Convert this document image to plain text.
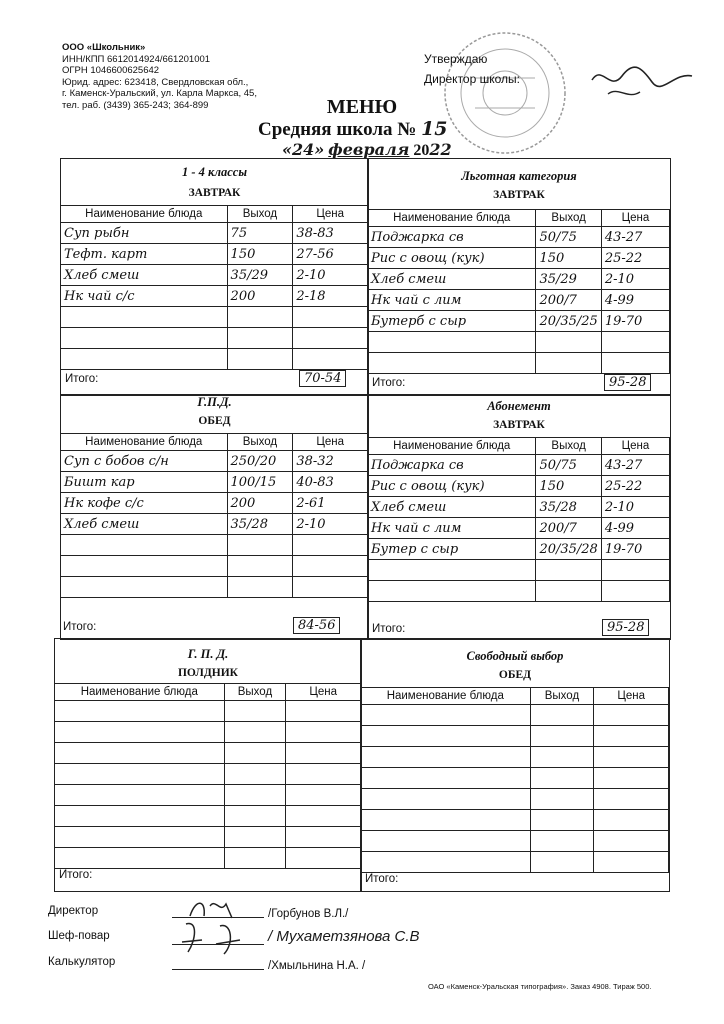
ООО «Школьник»
ИНН/КПП 6612014924/661201001
ОГРН 1046600625642
Юрид. адрес: 623418, Свердловская обл.,
г. Каменск-Уральский, ул. Карла Маркса, 45,
тел. раб. (3439) 365-243; 364-899
Утверждаю
Директор школы:
МЕНЮ
Средняя школа № 15
«24» февраля 2022
1 - 4 классы
ЗАВТРАК
Наименование блюда	Выход	Цена
Суп рыбн	75	38-83
Тефт. карт	150	27-56
Хлеб смеш	35/29	2-10
Нк чай с/с	200	2-18

Итого:	70-54
Льготная категория
ЗАВТРАК
Наименование блюда	Выход	Цена
Поджарка св	50/75	43-27
Рис с овощ (кук)	150	25-22
Хлеб смеш	35/29	2-10
Нк чай с лим	200/7	4-99
Бутерб с сыр	20/35/25	19-70

Итого:	95-28
Г.П.Д.
ОБЕД
Наименование блюда	Выход	Цена
Суп с бобов с/н	250/20	38-32
Бишт кар	100/15	40-83
Нк кофе с/с	200	2-61
Хлеб смеш	35/28	2-10

Итого:	84-56
Абонемент
ЗАВТРАК
Наименование блюда	Выход	Цена
Поджарка св	50/75	43-27
Рис с овощ (кук)	150	25-22
Хлеб смеш	35/28	2-10
Нк чай с лим	200/7	4-99
Бутер с сыр	20/35/28	19-70

Итого:	95-28
Г. П. Д.
ПОЛДНИК
Наименование блюда	Выход	Цена

Итого:
Свободный выбор
ОБЕД
Наименование блюда	Выход	Цена

Итого:
Директор	/Горбунов В.Л./
Шеф-повар	/ Мухаметзянова С.В
Калькулятор	/Хмыльнина Н.А. /
ОАО «Каменск-Уральская типография». Заказ 4908. Тираж 500.
